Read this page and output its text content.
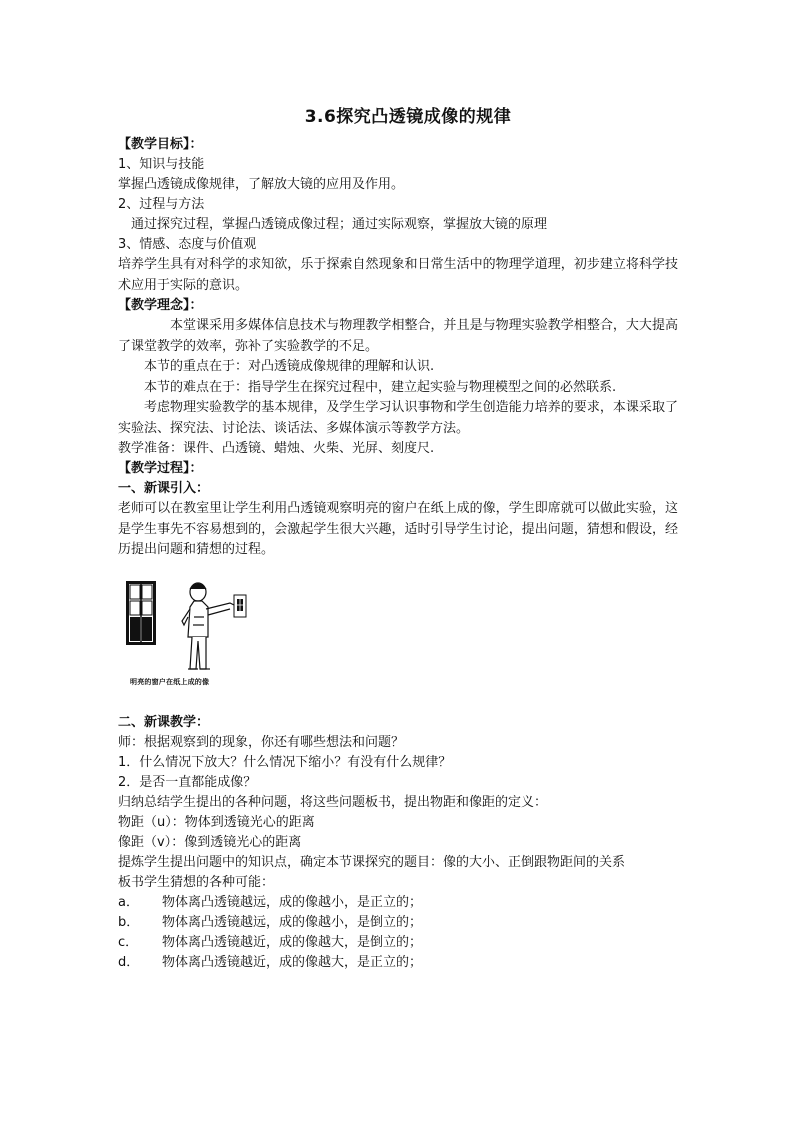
3.6探究凸透镜成像的规律

【教学目标】：

1、知识与技能

掌握凸透镜成像规律，了解放大镜的应用及作用。

2、过程与方法

通过探究过程，掌握凸透镜成像过程；通过实际观察，掌握放大镜的原理

3、情感、态度与价值观

培养学生具有对科学的求知欲，乐于探索自然现象和日常生活中的物理学道理，初步建立将科学技术应用于实际的意识。

【教学理念】：

本堂课采用多媒体信息技术与物理教学相整合，并且是与物理实验教学相整合，大大提高了课堂教学的效率，弥补了实验教学的不足。

本节的重点在于：对凸透镜成像规律的理解和认识.

本节的难点在于：指导学生在探究过程中，建立起实验与物理模型之间的必然联系.

考虑物理实验教学的基本规律，及学生学习认识事物和学生创造能力培养的要求，本课采取了实验法、探究法、讨论法、谈话法、多媒体演示等教学方法。

教学准备：课件、凸透镜、蜡烛、火柴、光屏、刻度尺.

【教学过程】：

一、新课引入：

老师可以在教室里让学生利用凸透镜观察明亮的窗户在纸上成的像，学生即席就可以做此实验，这是学生事先不容易想到的，会激起学生很大兴趣，适时引导学生讨论，提出问题，猜想和假设，经历提出问题和猜想的过程。

明亮的窗户在纸上成的像

二、新课教学：

师：根据观察到的现象，你还有哪些想法和问题？

1．什么情况下放大？什么情况下缩小？有没有什么规律？

2．是否一直都能成像？

归纳总结学生提出的各种问题，将这些问题板书，提出物距和像距的定义：

物距（u）：物体到透镜光心的距离

像距（v）：像到透镜光心的距离

提炼学生提出问题中的知识点，确定本节课探究的题目：像的大小、正倒跟物距间的关系

板书学生猜想的各种可能：

a．	物体离凸透镜越远，成的像越小，是正立的；
b．	物体离凸透镜越远，成的像越小，是倒立的；
c．	物体离凸透镜越近，成的像越大，是倒立的；
d．	物体离凸透镜越近，成的像越大，是正立的；
